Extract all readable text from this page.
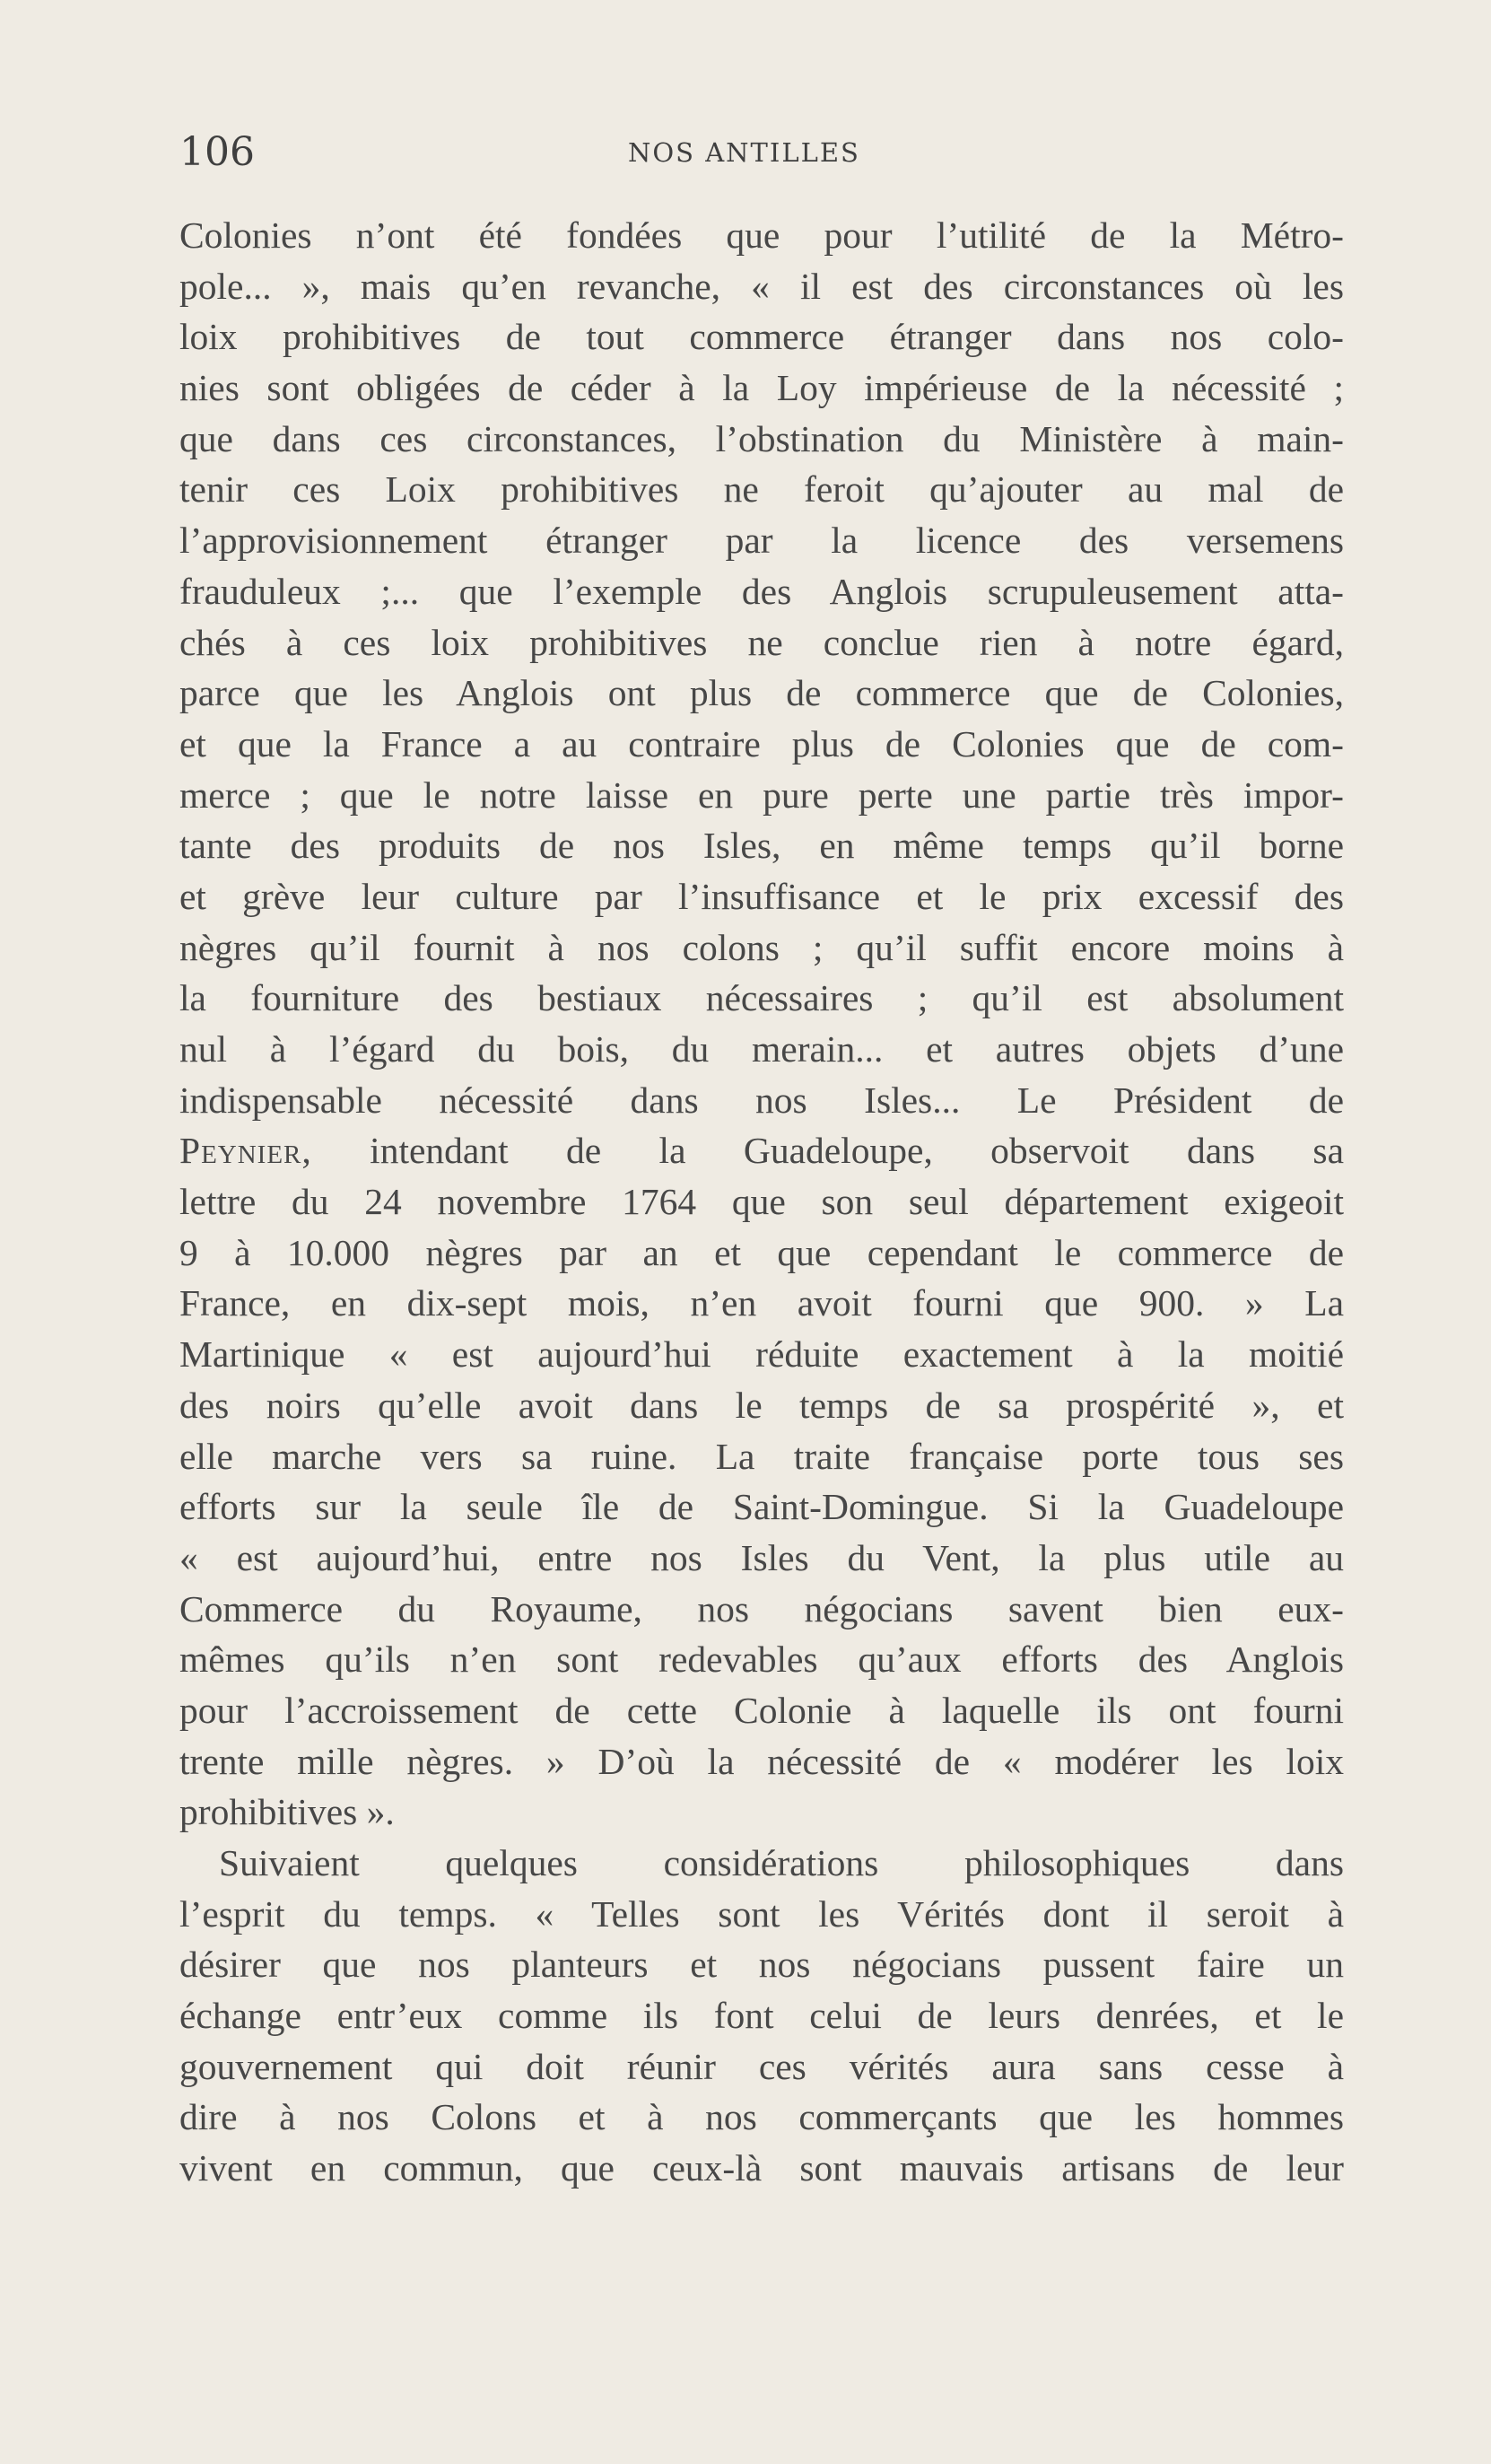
106	NOS ANTILLES
Colonies n’ont été fondées que pour l’utilité de la Métro-
pole... », mais qu’en revanche, « il est des circonstances où les
loix prohibitives de tout commerce étranger dans nos colo-
nies sont obligées de céder à la Loy impérieuse de la nécessité ;
que dans ces circonstances, l’obstination du Ministère à main-
tenir ces Loix prohibitives ne feroit qu’ajouter au mal de
l’approvisionnement étranger par la licence des versemens
frauduleux ;... que l’exemple des Anglois scrupuleusement atta-
chés à ces loix prohibitives ne conclue rien à notre égard,
parce que les Anglois ont plus de commerce que de Colonies,
et que la France a au contraire plus de Colonies que de com-
merce ; que le notre laisse en pure perte une partie très impor-
tante des produits de nos Isles, en même temps qu’il borne
et grève leur culture par l’insuffisance et le prix excessif des
nègres qu’il fournit à nos colons ; qu’il suffit encore moins à
la fourniture des bestiaux nécessaires ; qu’il est absolument
nul à l’égard du bois, du merain... et autres objets d’une
indispensable nécessité dans nos Isles... Le Président de
Peynier, intendant de la Guadeloupe, observoit dans sa
lettre du 24 novembre 1764 que son seul département exigeoit
9 à 10.000 nègres par an et que cependant le commerce de
France, en dix-sept mois, n’en avoit fourni que 900. » La
Martinique « est aujourd’hui réduite exactement à la moitié
des noirs qu’elle avoit dans le temps de sa prospérité », et
elle marche vers sa ruine. La traite française porte tous ses
efforts sur la seule île de Saint-Domingue. Si la Guadeloupe
« est aujourd’hui, entre nos Isles du Vent, la plus utile au
Commerce du Royaume, nos négocians savent bien eux-
mêmes qu’ils n’en sont redevables qu’aux efforts des Anglois
pour l’accroissement de cette Colonie à laquelle ils ont fourni
trente mille nègres. » D’où la nécessité de « modérer les loix
prohibitives ».
Suivaient quelques considérations philosophiques dans
l’esprit du temps. « Telles sont les Vérités dont il seroit à
désirer que nos planteurs et nos négocians pussent faire un
échange entr’eux comme ils font celui de leurs denrées, et le
gouvernement qui doit réunir ces vérités aura sans cesse à
dire à nos Colons et à nos commerçants que les hommes
vivent en commun, que ceux-là sont mauvais artisans de leur
